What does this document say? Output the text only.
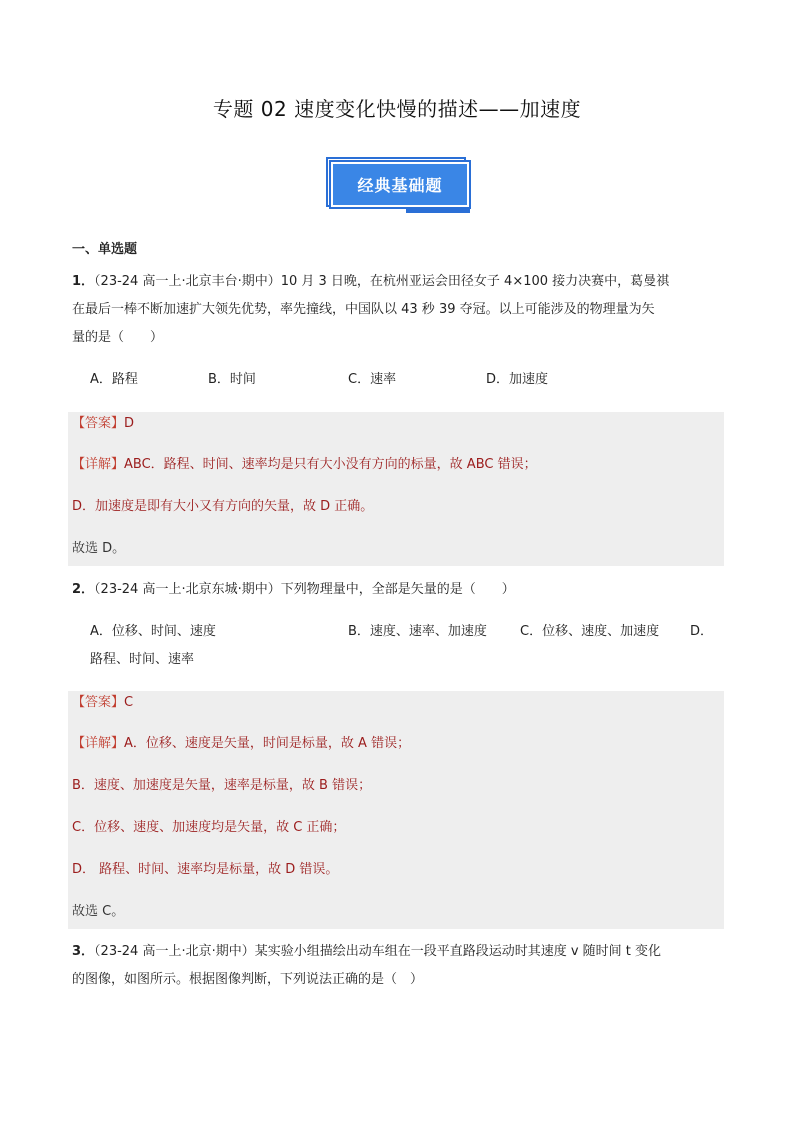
专题 02 速度变化快慢的描述——加速度
经典基础题
一、单选题
1．（23-24 高一上·北京丰台·期中）10 月 3 日晚，在杭州亚运会田径女子 4×100 接力决赛中，葛曼祺
在最后一棒不断加速扩大领先优势，率先撞线，中国队以 43 秒 39 夺冠。以上可能涉及的物理量为矢
量的是（　　）
A．路程	B．时间	C．速率	D．加速度
【答案】D
【详解】ABC．路程、时间、速率均是只有大小没有方向的标量，故 ABC 错误；
D．加速度是即有大小又有方向的矢量，故 D 正确。
故选 D。
2．（23-24 高一上·北京东城·期中）下列物理量中，全部是矢量的是（　　）
A．位移、时间、速度	B．速度、速率、加速度	C．位移、速度、加速度 D．
路程、时间、速率
【答案】C
【详解】A．位移、速度是矢量，时间是标量，故 A 错误；
B．速度、加速度是矢量，速率是标量，故 B 错误；
C．位移、速度、加速度均是矢量，故 C 正确；
D． 路程、时间、速率均是标量，故 D 错误。
故选 C。
3．（23-24 高一上·北京·期中）某实验小组描绘出动车组在一段平直路段运动时其速度 v 随时间 t 变化
的图像，如图所示。根据图像判断，下列说法正确的是（　）
